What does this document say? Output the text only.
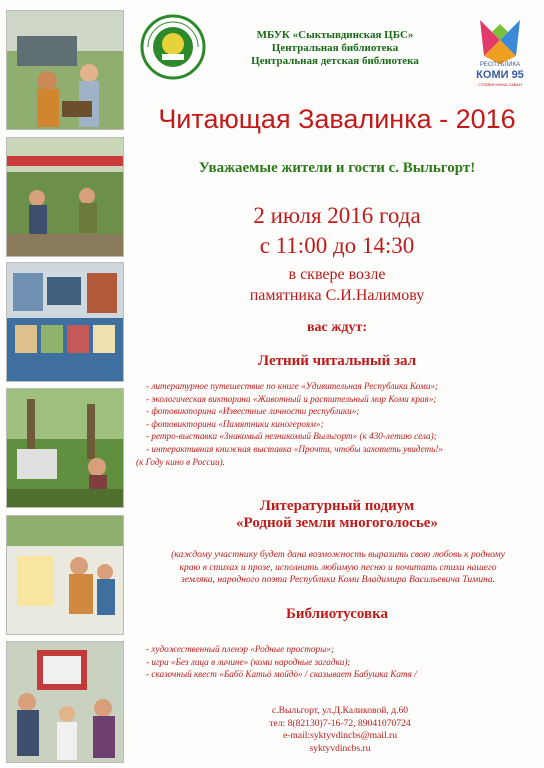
МБУК «Сыктывдинская ЦБС»
Центральная библиотека
Центральная детская библиотека	РЕСПУБЛИКА
КОМИ 95
СТОЙКИ МИНА САВАН
Читающая Завалинка - 2016
Уважаемые жители и гости с. Выльгорт!
2 июля 2016 года
с 11:00 до 14:30
в сквере возле
памятника С.И.Налимову
вас ждут:
Летний читальный зал
- литературное путешествие по книге «Удивительная Республика Коми»;
- экологическая викторина «Животный и растительный мир Коми края»;
- фотовикторина «Известные личности республики»;
- фотовикторина «Памятники киногероям»;
- ретро-выставка «Знакомый незнакомый Выльгорт» (к 430-летию села);
- интерактивная книжная выставка «Прочти, чтобы захотеть увидеть!»
(к Году кино в России).
Литературный подиум
«Родной земли многоголосье»
(каждому участнику будет дана возможность выразить свою любовь к родному
краю в стихах и прозе, исполнить любимую песню и почитать стихи нашего
земляка, народного поэта Республики Коми Владимира Васильевича Тимина.
Библиотусовка
- художественный пленэр «Родные просторы»;
- игра «Без лица в личине» (коми народные загадки);
- сказочный квест «Бабö Катьö мойдö» / сказывает Бабушка Катя /
с.Выльгорт, ул.Д.Каликовой, д.60
тел: 8(82130)7-16-72, 89041070724
e-mail:syktyvdincbs@mail.ru
syktyvdincbs.ru
